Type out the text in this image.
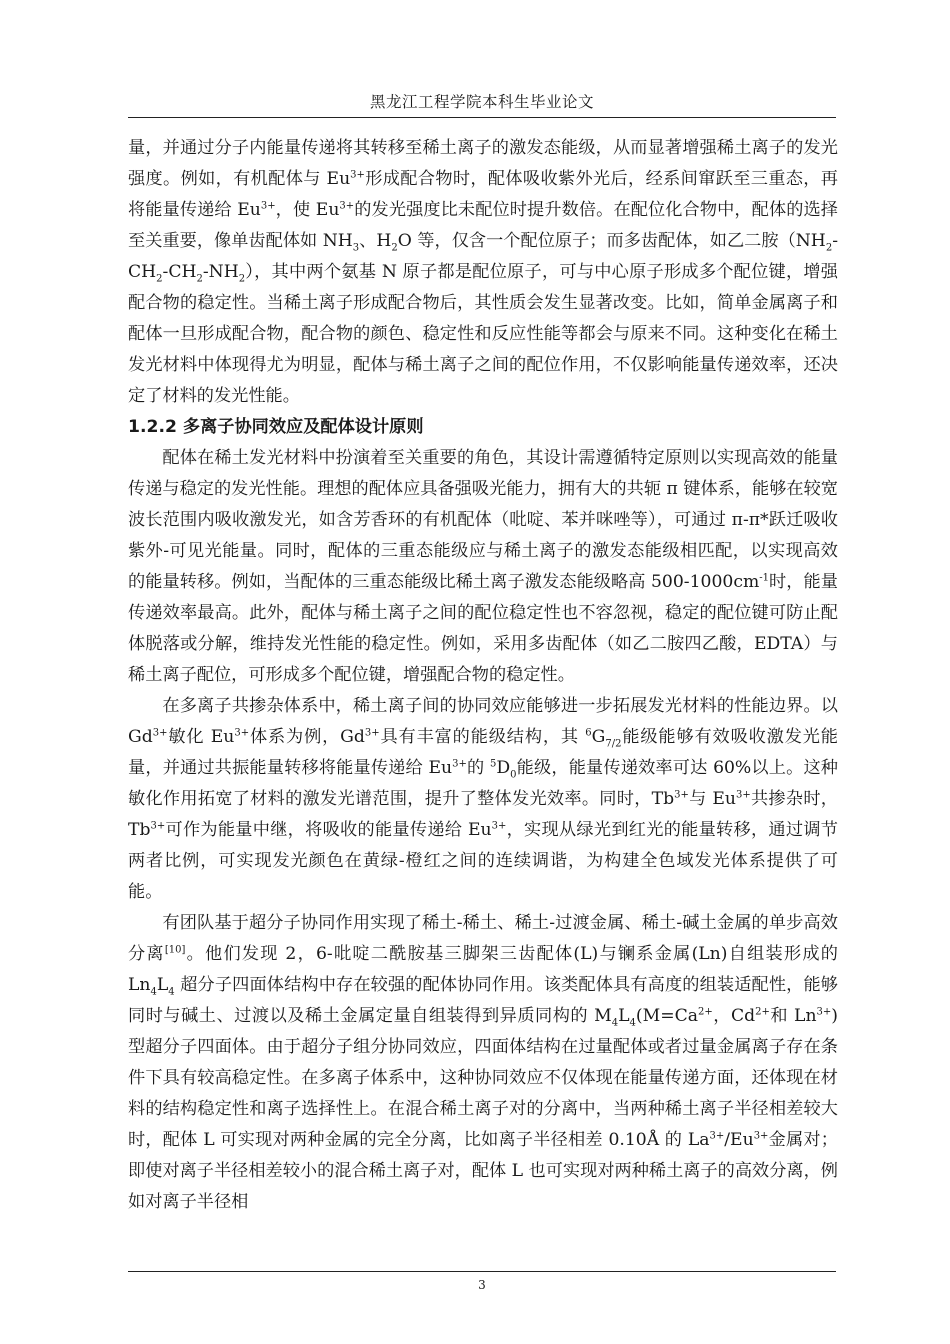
黑龙江工程学院本科生毕业论文

量，并通过分子内能量传递将其转移至稀土离子的激发态能级，从而显著增强稀土离子的发光强度。例如，有机配体与 $Eu^{3+}$形成配合物时，配体吸收紫外光后，经系间窜跃至三重态，再将能量传递给 $Eu^{3+}$，使 $Eu^{3+}$的发光强度比未配位时提升数倍。在配位化合物中，配体的选择至关重要，像单齿配体如 $NH_3$、$H_2O$ 等，仅含一个配位原子；而多齿配体，如乙二胺$(NH_2-CH_2-CH_2-NH_2)$，其中两个氨基 N 原子都是配位原子，可与中心原子形成多个配位键，增强配合物的稳定性。当稀土离子形成配合物后，其性质会发生显著改变。比如，简单金属离子和配体一旦形成配合物，配合物的颜色、稳定性和反应性能等都会与原来不同。这种变化在稀土发光材料中体现得尤为明显，配体与稀土离子之间的配位作用，不仅影响能量传递效率，还决定了材料的发光性能。

1.2.2 多离子协同效应及配体设计原则

配体在稀土发光材料中扮演着至关重要的角色，其设计需遵循特定原则以实现高效的能量传递与稳定的发光性能。理想的配体应具备强吸光能力，拥有大的共轭 π 键体系，能够在较宽波长范围内吸收激发光，如含芳香环的有机配体（吡啶、苯并咪唑等），可通过 π-π*跃迁吸收紫外-可见光能量。同时，配体的三重态能级应与稀土离子的激发态能级相匹配，以实现高效的能量转移。例如，当配体的三重态能级比稀土离子激发态能级略高 $500-1000cm^{-1}$时，能量传递效率最高。此外，配体与稀土离子之间的配位稳定性也不容忽视，稳定的配位键可防止配体脱落或分解，维持发光性能的稳定性。例如，采用多齿配体（如乙二胺四乙酸，EDTA）与稀土离子配位，可形成多个配位键，增强配合物的稳定性。

在多离子共掺杂体系中，稀土离子间的协同效应能够进一步拓展发光材料的性能边界。以 $Gd^{3+}$敏化 $Eu^{3+}$体系为例，$Gd^{3+}$具有丰富的能级结构，其 $^6G_{7/2}$能级能够有效吸收激发光能量，并通过共振能量转移将能量传递给 $Eu^{3+}$的 $^5D_0$能级，能量传递效率可达 60%以上。这种敏化作用拓宽了材料的激发光谱范围，提升了整体发光效率。同时，$Tb^{3+}$与 $Eu^{3+}$共掺杂时，$Tb^{3+}$可作为能量中继，将吸收的能量传递给 $Eu^{3+}$，实现从绿光到红光的能量转移，通过调节两者比例，可实现发光颜色在黄绿-橙红之间的连续调谐，为构建全色域发光体系提供了可能。

有团队基于超分子协同作用实现了稀土-稀土、稀土-过渡金属、稀土-碱土金属的单步高效分离[10]。他们发现 2，6-吡啶二酰胺基三脚架三齿配体(L)与镧系金属(Ln)自组装形成的 $Ln_4L_4$ 超分子四面体结构中存在较强的配体协同作用。该类配体具有高度的组装适配性，能够同时与碱土、过渡以及稀土金属定量自组装得到异质同构的 $M_4L_4(M=Ca^{2+}$，$Cd^{2+}$和 $Ln^{3+}$)型超分子四面体。由于超分子组分协同效应，四面体结构在过量配体或者过量金属离子存在条件下具有较高稳定性。在多离子体系中，这种协同效应不仅体现在能量传递方面，还体现在材料的结构稳定性和离子选择性上。在混合稀土离子对的分离中，当两种稀土离子半径相差较大时，配体 L 可实现对两种金属的完全分离，比如离子半径相差 0.10Å 的 $La^{3+}/Eu^{3+}$金属对；即使对离子半径相差较小的混合稀土离子对，配体 L 也可实现对两种稀土离子的高效分离，例如对离子半径相

3
